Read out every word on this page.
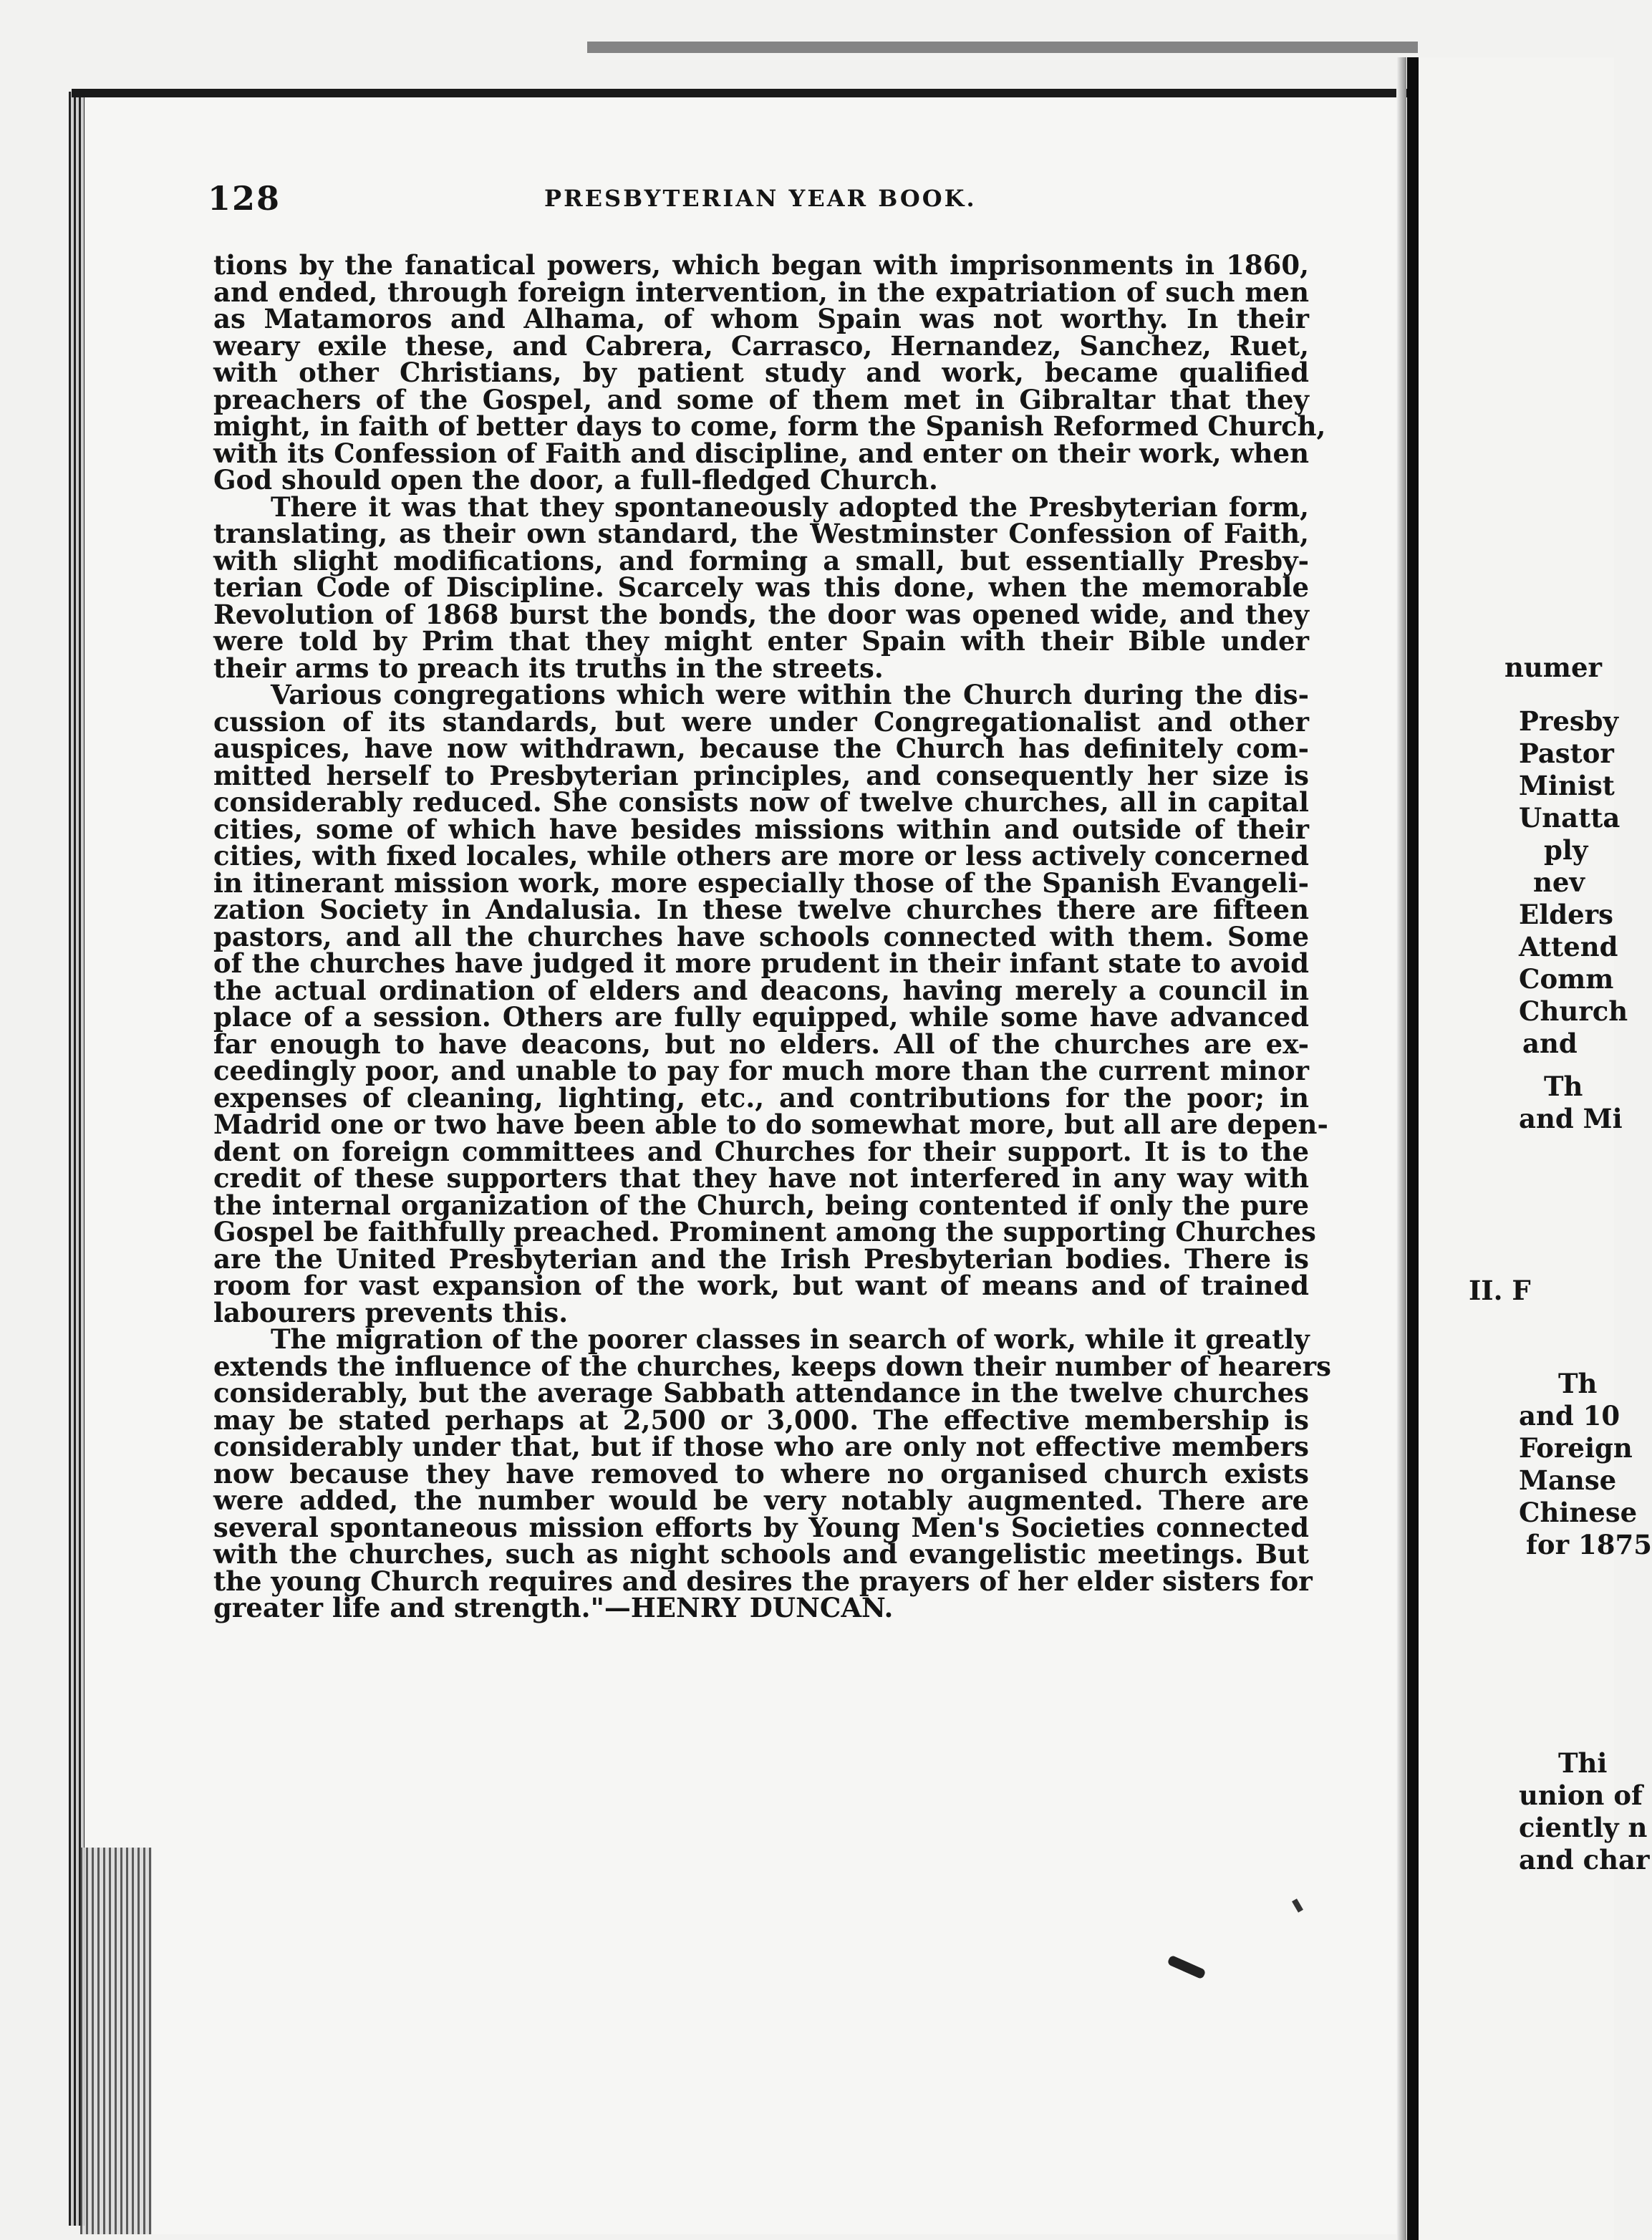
128	PRESBYTERIAN YEAR BOOK.
tions by the fanatical powers, which began with imprisonments in 1860,
and ended, through foreign intervention, in the expatriation of such men
as Matamoros and Alhama, of whom Spain was not worthy. In their
weary exile these, and Cabrera, Carrasco, Hernandez, Sanchez, Ruet,
with other Christians, by patient study and work, became qualified
preachers of the Gospel, and some of them met in Gibraltar that they
might, in faith of better days to come, form the Spanish Reformed Church,
with its Confession of Faith and discipline, and enter on their work, when
God should open the door, a full-fledged Church.
There it was that they spontaneously adopted the Presbyterian form,
translating, as their own standard, the Westminster Confession of Faith,
with slight modifications, and forming a small, but essentially Presby-
terian Code of Discipline. Scarcely was this done, when the memorable
Revolution of 1868 burst the bonds, the door was opened wide, and they
were told by Prim that they might enter Spain with their Bible under
their arms to preach its truths in the streets.
Various congregations which were within the Church during the dis-
cussion of its standards, but were under Congregationalist and other
auspices, have now withdrawn, because the Church has definitely com-
mitted herself to Presbyterian principles, and consequently her size is
considerably reduced. She consists now of twelve churches, all in capital
cities, some of which have besides missions within and outside of their
cities, with fixed locales, while others are more or less actively concerned
in itinerant mission work, more especially those of the Spanish Evangeli-
zation Society in Andalusia. In these twelve churches there are fifteen
pastors, and all the churches have schools connected with them. Some
of the churches have judged it more prudent in their infant state to avoid
the actual ordination of elders and deacons, having merely a council in
place of a session. Others are fully equipped, while some have advanced
far enough to have deacons, but no elders. All of the churches are ex-
ceedingly poor, and unable to pay for much more than the current minor
expenses of cleaning, lighting, etc., and contributions for the poor; in
Madrid one or two have been able to do somewhat more, but all are depen-
dent on foreign committees and Churches for their support. It is to the
credit of these supporters that they have not interfered in any way with
the internal organization of the Church, being contented if only the pure
Gospel be faithfully preached. Prominent among the supporting Churches
are the United Presbyterian and the Irish Presbyterian bodies. There is
room for vast expansion of the work, but want of means and of trained
labourers prevents this.
The migration of the poorer classes in search of work, while it greatly
extends the influence of the churches, keeps down their number of hearers
considerably, but the average Sabbath attendance in the twelve churches
may be stated perhaps at 2,500 or 3,000. The effective membership is
considerably under that, but if those who are only not effective members
now because they have removed to where no organised church exists
were added, the number would be very notably augmented. There are
several spontaneous mission efforts by Young Men's Societies connected
with the churches, such as night schools and evangelistic meetings. But
the young Church requires and desires the prayers of her elder sisters for
greater life and strength."—HENRY DUNCAN.
numer
Presby
Pastor
Minist
Unatta
ply
nev
Elders
Attend
Comm
Church
and
Th
and Mi
II. F
Th
and 10
Foreign
Manse
Chinese
for 1875
Thi
union of
ciently n
and char
